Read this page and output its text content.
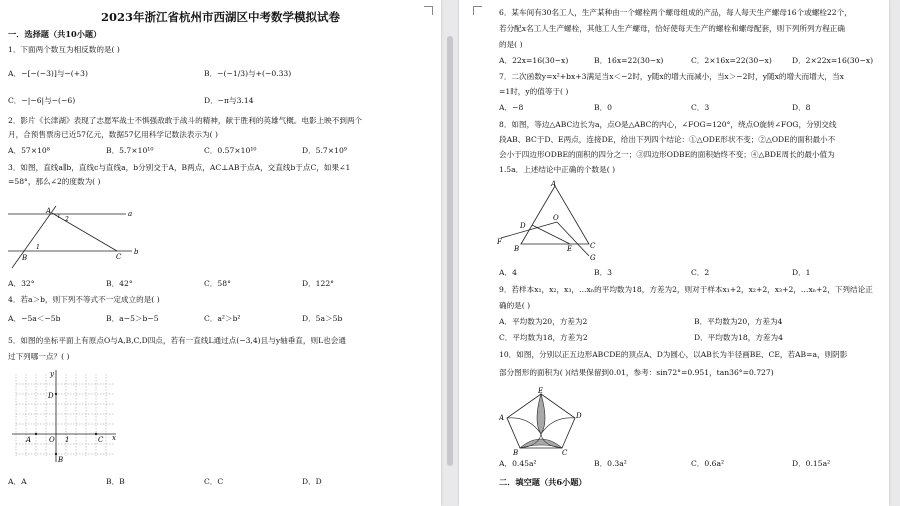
2023年浙江省杭州市西湖区中考数学模拟试卷
一．选择题（共10小题）
1．下面两个数互为相反数的是( )
A．−[−(−3)]与−(+3)	B．−(−1/3)与+(−0.33)
C．−|−6|与−(−6)	D．−π与3.14
2．影片《长津湖》表现了志愿军战士不惧强敌敢于战斗的精神，献于胜利的英雄气概。电影上映不到两个
月，合预售票房已近57亿元，数据57亿用科学记数法表示为( )
A．57×10⁸	B．5.7×10¹⁰	C．0.57×10¹⁰	D．5.7×10⁹
3．如图，直线a∥b，直线c与直线a，b分别交于A，B两点，AC⊥AB于点A，交直线b于点C，如果∠1
=58°，那么∠2的度数为( )
a
b
A
B	C
1
2
A．32°	B．42°	C．58°	D．122°
4．若a＞b，则下列不等式不一定成立的是( )
A．−5a＜−5b	B．a−5＞b−5	C．a²＞b²	D．5a＞5b
5．如图的坐标平面上有原点O与A,B,C,D四点，若有一直线L通过点(−3,4)且与y轴垂直，则L也会通
过下列哪一点？( )
y
x
D
A	O 1	C
B
A．A	B．B	C．C	D．D
6．某车间有30名工人，生产某种由一个螺栓两个螺母组成的产品，每人每天生产螺母16个或螺栓22个，
若分配x名工人生产螺栓，其他工人生产螺母，恰好使每天生产的螺栓和螺母配套，则下列所列方程正确
的是( )
A．22x=16(30−x)	B．16x=22(30−x)	C．2×16x=22(30−x)	D．2×22x=16(30−x)
7．二次函数y=x²+bx+3满足当x＜−2时，y随x的增大而减小，当x＞−2时，y随x的增大而增大，当x
=1时，y的值等于( )
A．−8	B．0	C．3	D．8
8．如图，等边△ABC边长为a，点O是△ABC的内心，∠FOG=120°，绕点O旋转∠FOG，分别交线
段AB、BC于D、E两点，连接DE，给出下列四个结论：①△ODE形状不变；②△ODE的面积最小不
会小于四边形ODBE的面积的四分之一；③四边形ODBE的面积始终不变；④△BDE周长的最小值为
1.5a．上述结论中正确的个数是( )
A
O
D
F
B	E	C
G
A．4	B．3	C．2	D．1
9．若样本x₁，x₂，x₃，…xₙ的平均数为18，方差为2，则对于样本x₁+2，x₂+2，x₃+2，…xₙ+2，下列结论正
确的是( )
A．平均数为20，方差为2	B．平均数为20，方差为4
C．平均数为18，方差为2	D．平均数为18，方差为4
10．如图，分别以正五边形ABCDE的顶点A、D为圆心，以AB长为半径画BE、CE，若AB=a，则阴影
部分图形的面积为( )(结果保留到0.01，参考：sin72°=0.951，tan36°=0.727)
E
A	D
B	C
A．0.45a²	B．0.3a²	C．0.6a²	D．0.15a²
二．填空题（共6小题）
